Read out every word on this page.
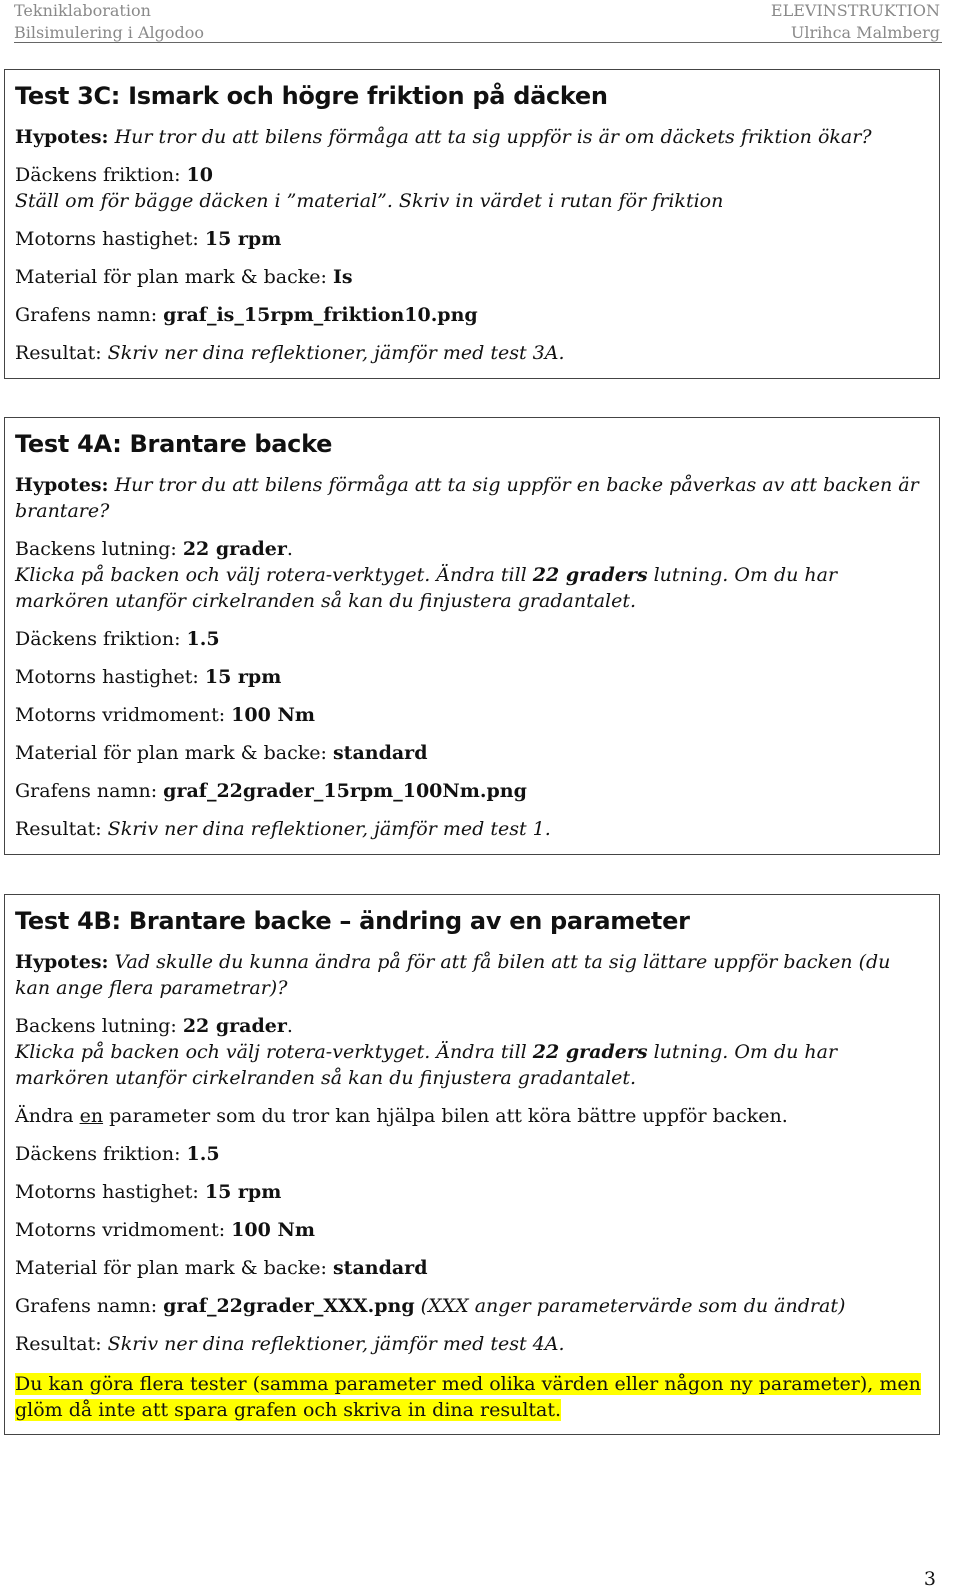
Tekniklaboration
Bilsimulering i Algodoo
ELEVINSTRUKTION
Ulrihca Malmberg
Test 3C: Ismark och högre friktion på däcken
Hypotes: Hur tror du att bilens förmåga att ta sig uppför is är om däckets friktion ökar?
Däckens friktion: 10
Ställ om för bägge däcken i ”material”. Skriv in värdet i rutan för friktion
Motorns hastighet: 15 rpm
Material för plan mark & backe: Is
Grafens namn: graf_is_15rpm_friktion10.png
Resultat: Skriv ner dina reflektioner, jämför med test 3A.
Test 4A: Brantare backe
Hypotes: Hur tror du att bilens förmåga att ta sig uppför en backe påverkas av att backen är brantare?
Backens lutning: 22 grader.
Klicka på backen och välj rotera-verktyget. Ändra till 22 graders lutning. Om du har markören utanför cirkelranden så kan du finjustera gradantalet.
Däckens friktion: 1.5
Motorns hastighet: 15 rpm
Motorns vridmoment: 100 Nm
Material för plan mark & backe: standard
Grafens namn: graf_22grader_15rpm_100Nm.png
Resultat: Skriv ner dina reflektioner, jämför med test 1.
Test 4B: Brantare backe – ändring av en parameter
Hypotes: Vad skulle du kunna ändra på för att få bilen att ta sig lättare uppför backen (du kan ange flera parametrar)?
Backens lutning: 22 grader.
Klicka på backen och välj rotera-verktyget. Ändra till 22 graders lutning. Om du har markören utanför cirkelranden så kan du finjustera gradantalet.
Ändra en parameter som du tror kan hjälpa bilen att köra bättre uppför backen.
Däckens friktion: 1.5
Motorns hastighet: 15 rpm
Motorns vridmoment: 100 Nm
Material för plan mark & backe: standard
Grafens namn: graf_22grader_XXX.png (XXX anger parametervärde som du ändrat)
Resultat: Skriv ner dina reflektioner, jämför med test 4A.
Du kan göra flera tester (samma parameter med olika värden eller någon ny parameter), men glöm då inte att spara grafen och skriva in dina resultat.
3
